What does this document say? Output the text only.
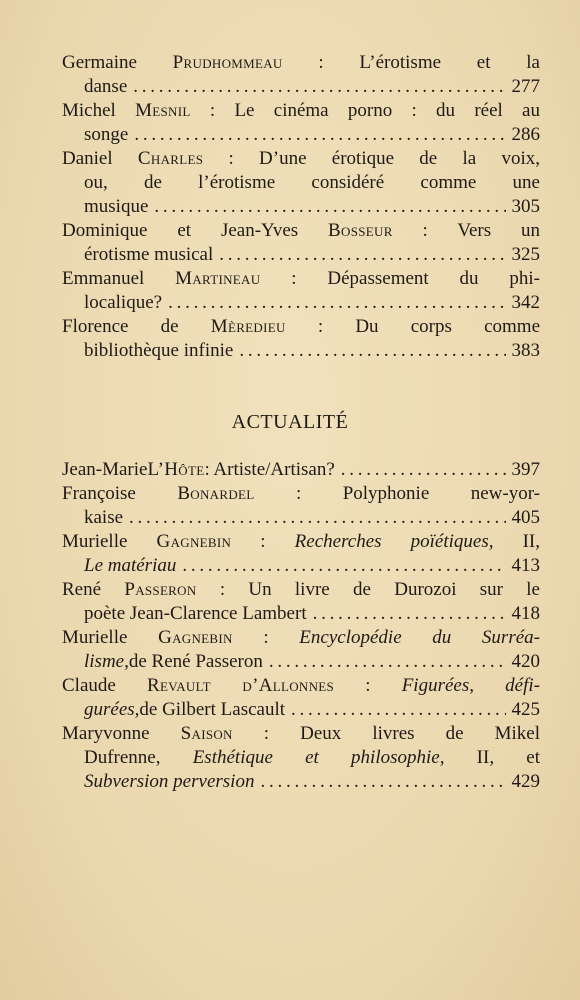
Germaine Prudhommeau : L’érotisme et la
danse . . .	277
Michel Mesnil : Le cinéma porno : du réel au
songe . . .	286
Daniel Charles : D’une érotique de la voix,
ou, de l’érotisme considéré comme une
musique . . .	305
Dominique et Jean-Yves Bosseur : Vers un
érotisme musical . . .	325
Emmanuel Martineau : Dépassement du phi-
localique? . . .	342
Florence de Mèredieu : Du corps comme
bibliothèque infinie . . .	383
ACTUALITÉ
Jean-Marie L’Hôte : Artiste/Artisan? . . .	397
Françoise Bonardel : Polyphonie new-yor-
kaise . . .	405
Murielle Gagnebin : Recherches poïétiques, II,
Le matériau . . .	413
René Passeron : Un livre de Durozoi sur le
poète Jean-Clarence Lambert . . .	418
Murielle Gagnebin : Encyclopédie du Surréa-
lisme, de René Passeron . . .	420
Claude Revault d’Allonnes : Figurées, défi-
gurées, de Gilbert Lascault . . .	425
Maryvonne Saison : Deux livres de Mikel
Dufrenne, Esthétique et philosophie, II, et
Subversion perversion . . .	429
